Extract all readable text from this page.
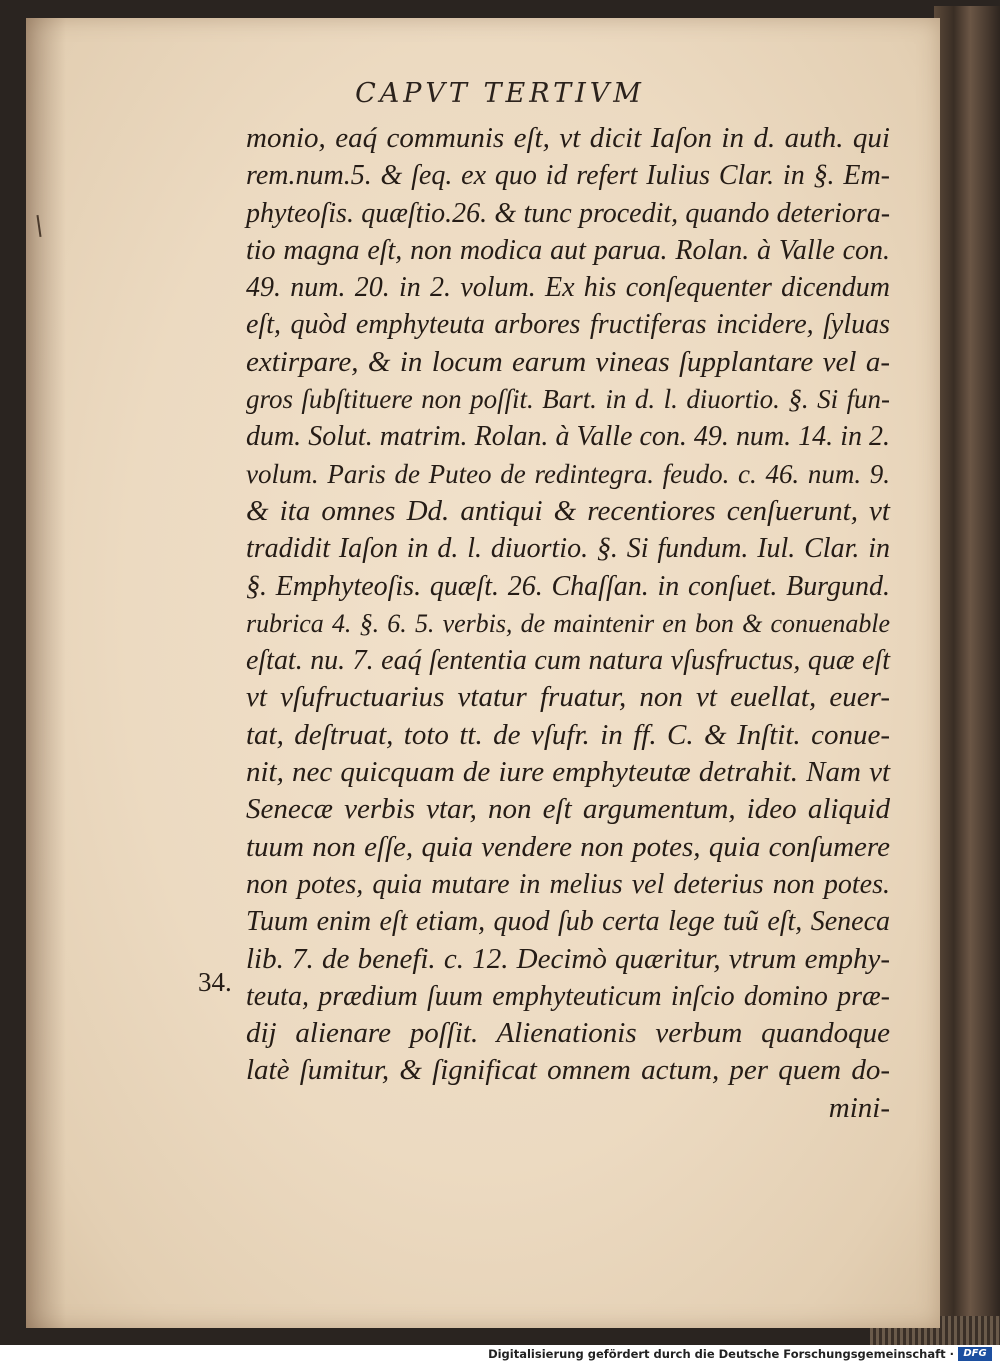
CAPVT TERTIVM
monio, eaq́ communis eſt, vt dicit Iaſon in d. auth. qui
rem.num.5. & ſeq. ex quo id refert Iulius Clar. in §. Em-
phyteoſis. quæſtio.26. & tunc procedit, quando deteriora-
tio magna eſt, non modica aut parua. Rolan. à Valle con.
49. num. 20. in 2. volum. Ex his conſequenter dicendum
eſt, quòd emphyteuta arbores fructiferas incidere, ſyluas
extirpare, & in locum earum vineas ſupplantare vel a-
gros ſubſtituere non poſſit. Bart. in d. l. diuortio. §. Si fun-
dum. Solut. matrim. Rolan. à Valle con. 49. num. 14. in 2.
volum. Paris de Puteo de redintegra. feudo. c. 46. num. 9.
& ita omnes Dd. antiqui & recentiores cenſuerunt, vt
tradidit Iaſon in d. l. diuortio. §. Si fundum. Iul. Clar. in
§. Emphyteoſis. quæſt. 26. Chaſſan. in conſuet. Burgund.
rubrica 4. §. 6. 5. verbis, de maintenir en bon & conuenable
eſtat. nu. 7. eaq́ ſententia cum natura vſusfructus, quæ eſt
vt vſufructuarius vtatur fruatur, non vt euellat, euer-
tat, deſtruat, toto tt. de vſufr. in ff. C. & Inſtit. conue-
nit, nec quicquam de iure emphyteutæ detrahit. Nam vt
Senecæ verbis vtar, non eſt argumentum, ideo aliquid
tuum non eſſe, quia vendere non potes, quia conſumere
non potes, quia mutare in melius vel deterius non potes.
Tuum enim eſt etiam, quod ſub certa lege tuũ eſt, Seneca
lib. 7. de benefi. c. 12. Decimò quæritur, vtrum emphy-
teuta, prædium ſuum emphyteuticum inſcio domino præ-
dij alienare poſſit. Alienationis verbum quandoque
latè ſumitur, & ſignificat omnem actum, per quem do-
mini-
34.
Digitalisierung gefördert durch die Deutsche Forschungsgemeinschaft · DFG
